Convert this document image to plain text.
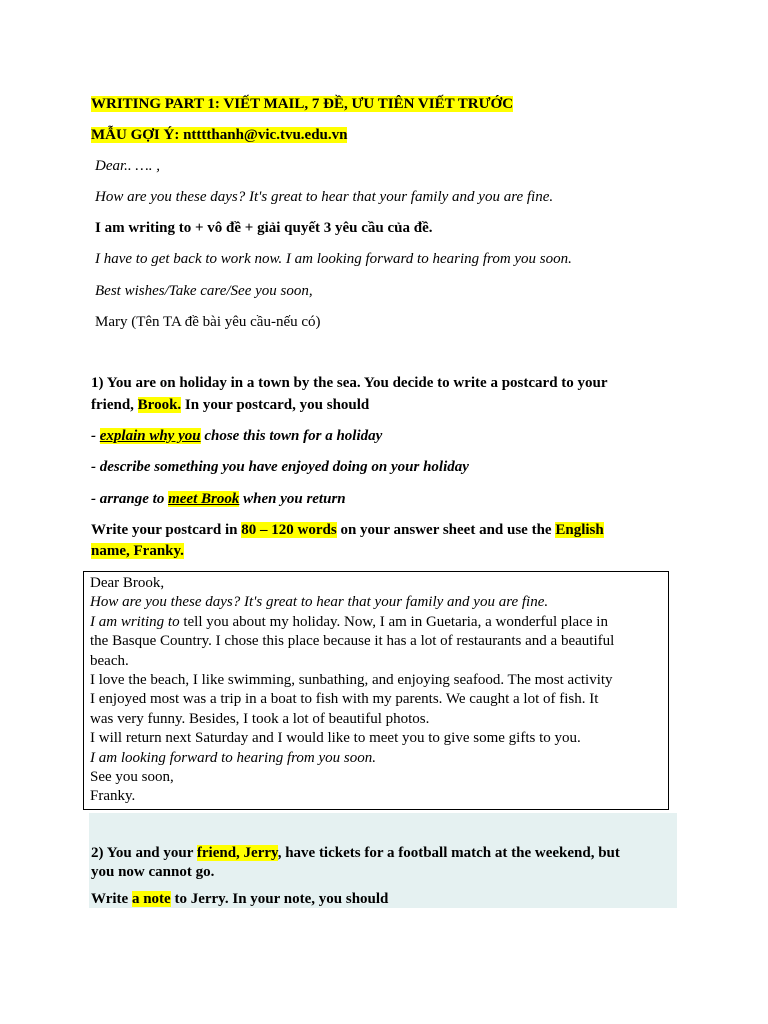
WRITING PART 1: VIẾT MAIL, 7 ĐỀ, ƯU TIÊN VIẾT TRƯỚC
MẪU GỢI Ý: ntttthanh@vic.tvu.edu.vn
Dear.. …. ,
How are you these days? It's great to hear that your family and you are fine.
I am writing to + vô đề + giải quyết 3 yêu cầu của đề.
I have to get back to work now. I am looking forward to hearing from you soon.
Best wishes/Take care/See you soon,
Mary (Tên TA đề bài yêu cầu-nếu có)
1) You are on holiday in a town by the sea. You decide to write a postcard to your
friend, Brook. In your postcard, you should
- explain why you chose this town for a holiday
- describe something you have enjoyed doing on your holiday
- arrange to meet Brook when you return
Write your postcard in 80 – 120 words on your answer sheet and use the English
name, Franky.
Dear Brook,
How are you these days? It's great to hear that your family and you are fine.
I am writing to tell you about my holiday. Now, I am in Guetaria, a wonderful place in
the Basque Country. I chose this place because it has a lot of restaurants and a beautiful
beach.
I love the beach, I like swimming, sunbathing, and enjoying seafood. The most activity
I enjoyed most was a trip in a boat to fish with my parents. We caught a lot of fish. It
was very funny. Besides, I took a lot of beautiful photos.
I will return next Saturday and I would like to meet you to give some gifts to you.
I am looking forward to hearing from you soon.
See you soon,
Franky.
2) You and your friend, Jerry, have tickets for a football match at the weekend, but
you now cannot go.
Write a note to Jerry. In your note, you should
